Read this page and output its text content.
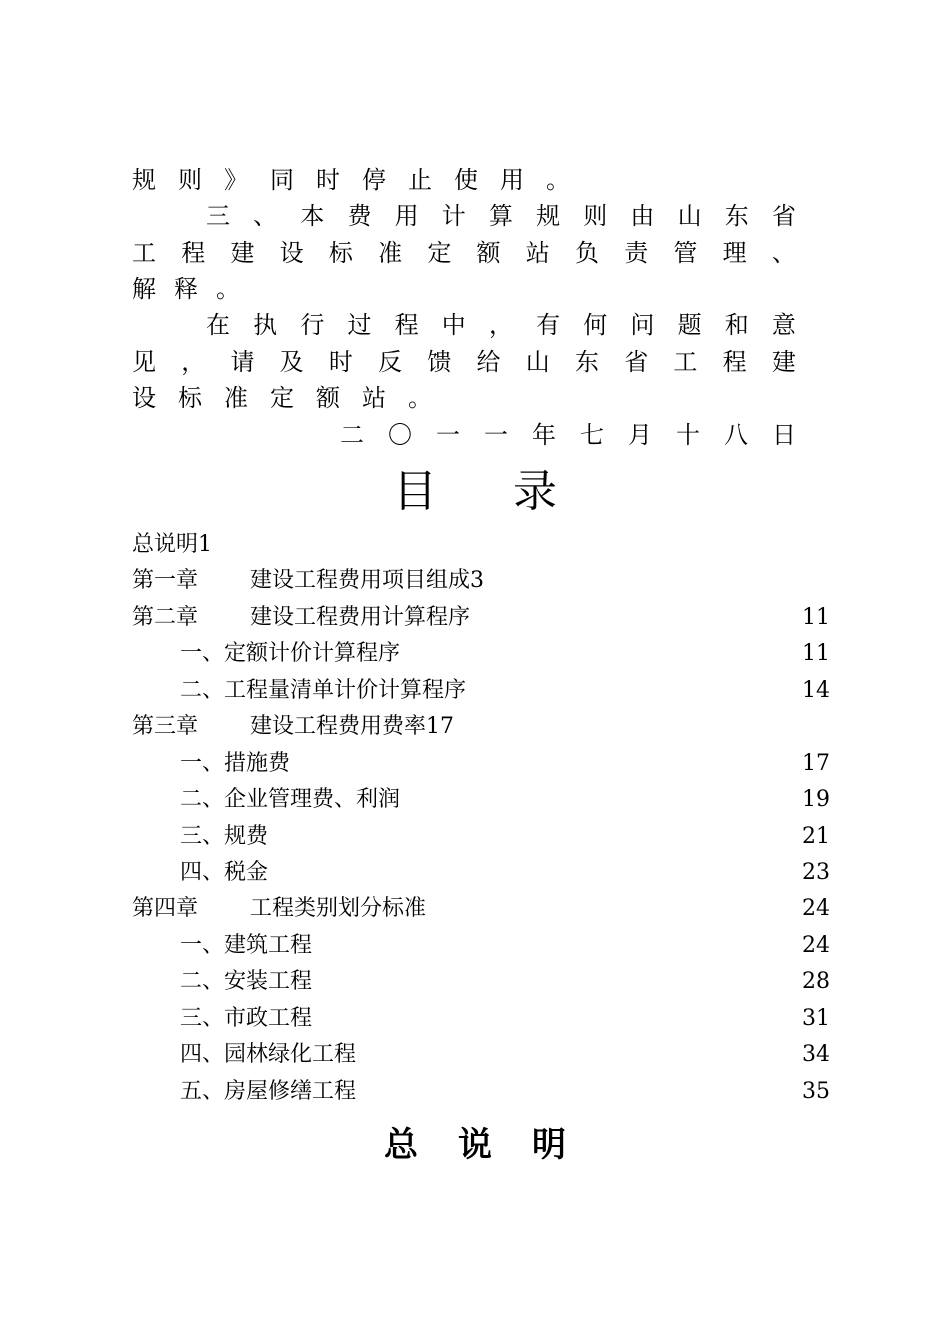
规 则 》 同 时 停 止 使 用 。
三 、 本 费 用 计 算 规 则 由 山 东 省
工 程 建 设 标 准 定 额 站 负 责 管 理 、
解 释 。
在 执 行 过 程 中 ， 有 何 问 题 和 意
见 ， 请 及 时 反 馈 给 山 东 省 工 程 建
设 标 准 定 额 站 。
二 〇 一 一 年 七 月 十 八 日
目录
总说明1
第一章 建设工程费用项目组成3
第二章 建设工程费用计算程序	11
一、定额计价计算程序	11
二、工程量清单计价计算程序	14
第三章 建设工程费用费率17
一、措施费	17
二、企业管理费、利润	19
三、规费	21
四、税金	23
第四章 工程类别划分标准	24
一、建筑工程	24
二、安装工程	28
三、市政工程	31
四、园林绿化工程	34
五、房屋修缮工程	35
总说明
